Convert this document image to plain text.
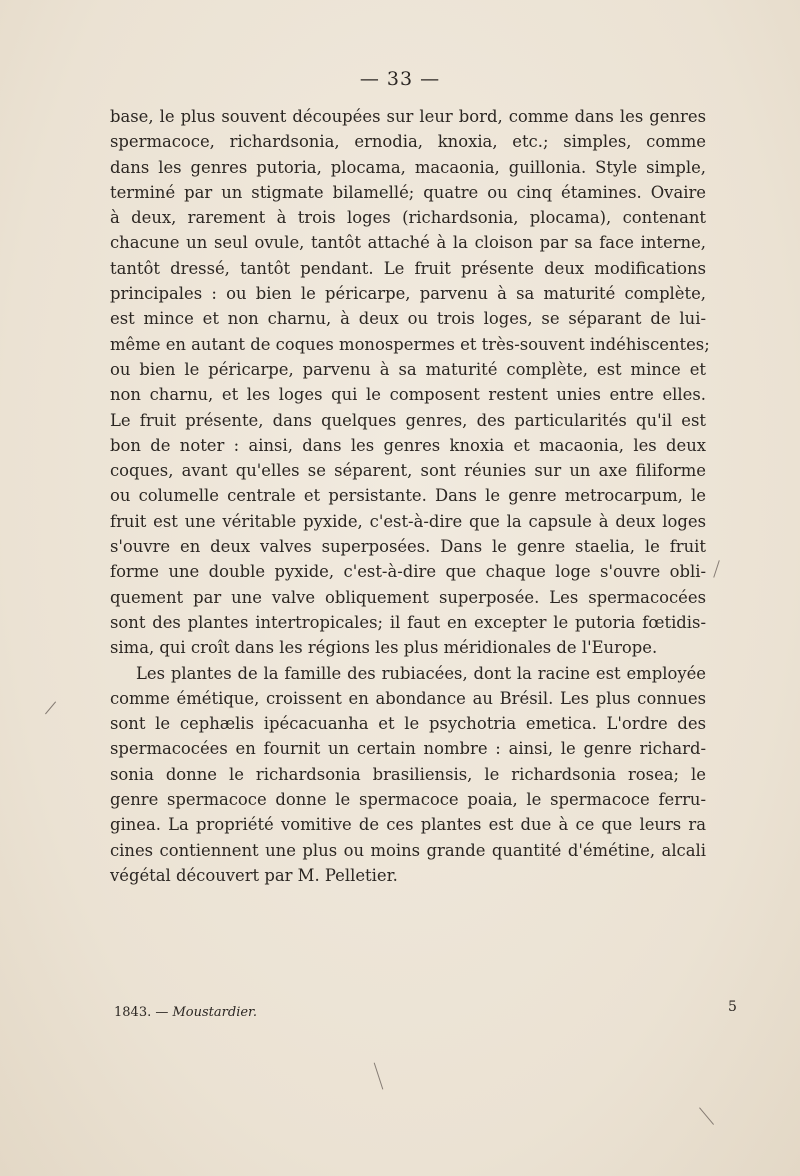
— 33 —
base, le plus souvent découpées sur leur bord, comme dans les genres
spermacoce, richardsonia, ernodia, knoxia, etc.; simples, comme
dans les genres putoria, plocama, macaonia, guillonia. Style simple,
terminé par un stigmate bilamellé; quatre ou cinq étamines. Ovaire
à deux, rarement à trois loges (richardsonia, plocama), contenant
chacune un seul ovule, tantôt attaché à la cloison par sa face interne,
tantôt dressé, tantôt pendant. Le fruit présente deux modifications
principales : ou bien le péricarpe, parvenu à sa maturité complète,
est mince et non charnu, à deux ou trois loges, se séparant de lui-
même en autant de coques monospermes et très-souvent indéhiscentes;
ou bien le péricarpe, parvenu à sa maturité complète, est mince et
non charnu, et les loges qui le composent restent unies entre elles.
Le fruit présente, dans quelques genres, des particularités qu'il est
bon de noter : ainsi, dans les genres knoxia et macaonia, les deux
coques, avant qu'elles se séparent, sont réunies sur un axe filiforme
ou columelle centrale et persistante. Dans le genre metrocarpum, le
fruit est une véritable pyxide, c'est-à-dire que la capsule à deux loges
s'ouvre en deux valves superposées. Dans le genre staelia, le fruit
forme une double pyxide, c'est-à-dire que chaque loge s'ouvre obli-
quement par une valve obliquement superposée. Les spermacocées
sont des plantes intertropicales; il faut en excepter le putoria fœtidis-
sima, qui croît dans les régions les plus méridionales de l'Europe.
Les plantes de la famille des rubiacées, dont la racine est employée
comme émétique, croissent en abondance au Brésil. Les plus connues
sont le cephælis ipécacuanha et le psychotria emetica. L'ordre des
spermacocées en fournit un certain nombre : ainsi, le genre richard-
sonia donne le richardsonia brasiliensis, le richardsonia rosea; le
genre spermacoce donne le spermacoce poaia, le spermacoce ferru-
ginea. La propriété vomitive de ces plantes est due à ce que leurs ra
cines contiennent une plus ou moins grande quantité d'émétine, alcali
végétal découvert par M. Pelletier.
1843. — Moustardier.	5
